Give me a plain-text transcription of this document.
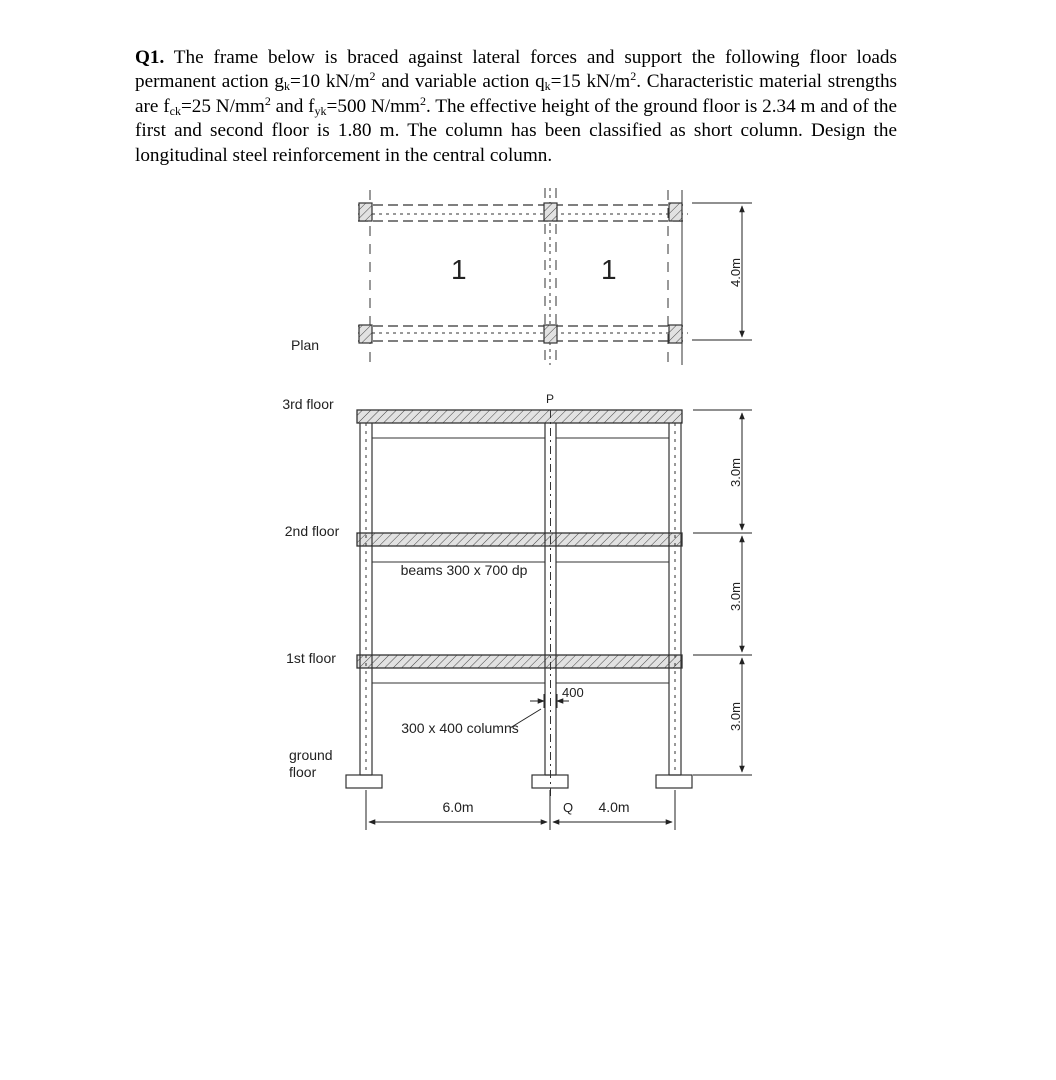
Q1. The frame below is braced against lateral forces and support the following floor loads permanent action $g_k=10$ $kN/m^2$ and variable action $q_k=15$ $kN/m^2$. Characteristic material strengths are $f_{ck}=25$ $N/mm^2$ and $f_{yk}=500$ $N/mm^2$. The effective height of the ground floor is 2.34 m and of the first and second floor is 1.80 m. The column has been classified as short column. Design the longitudinal steel reinforcement in the central column.
1	1
Plan
4.0m
3rd floor
2nd floor
1st floor
ground
floor
P
Q
beams 300 x 700 dp
300 x 400 columns
400
3.0m
3.0m
3.0m
6.0m	4.0m
